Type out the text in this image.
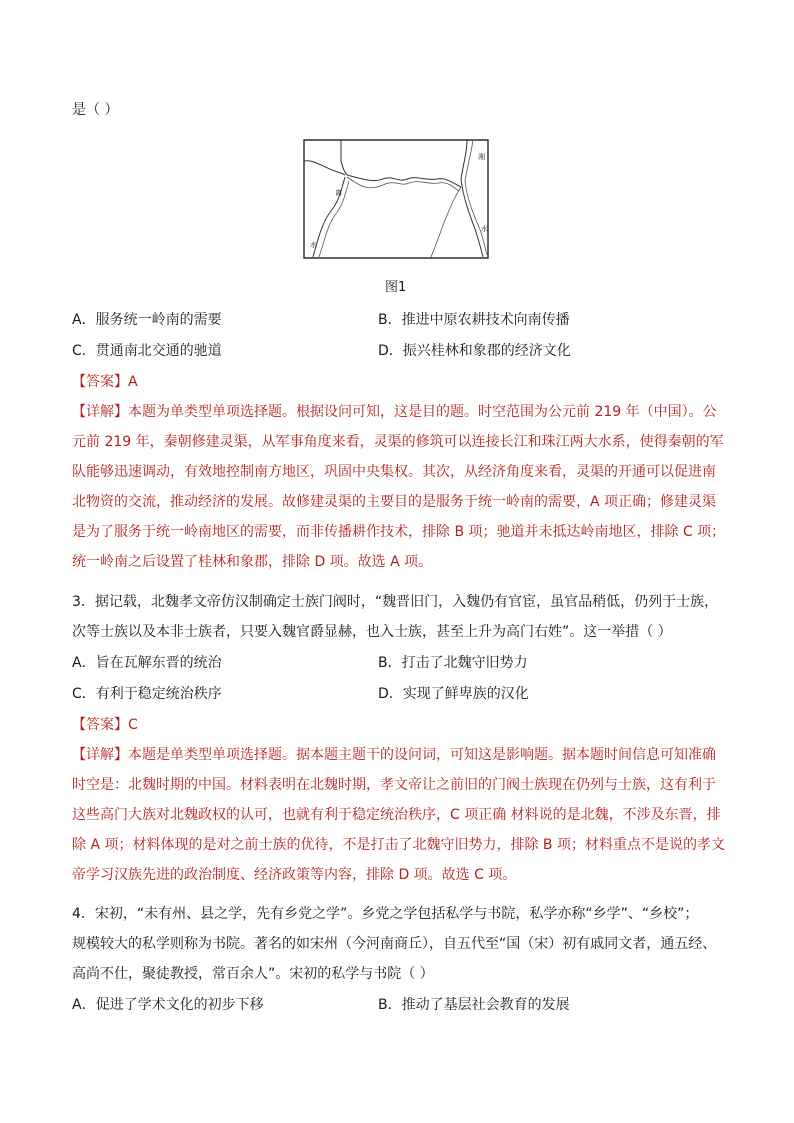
是（ ）
离
水
湘
水
图1
A．服务统一岭南的需要	B．推进中原农耕技术向南传播
C．贯通南北交通的驰道	D．振兴桂林和象郡的经济文化
【答案】A
【详解】本题为单类型单项选择题。根据设问可知，这是目的题。时空范围为公元前 219 年（中国）。公
元前 219 年，秦朝修建灵渠，从军事角度来看，灵渠的修筑可以连接长江和珠江两大水系，使得秦朝的军
队能够迅速调动，有效地控制南方地区，巩固中央集权。其次，从经济角度来看，灵渠的开通可以促进南
北物资的交流，推动经济的发展。故修建灵渠的主要目的是服务于统一岭南的需要，A 项正确；修建灵渠
是为了服务于统一岭南地区的需要，而非传播耕作技术，排除 B 项；驰道并未抵达岭南地区，排除 C 项；
统一岭南之后设置了桂林和象郡，排除 D 项。故选 A 项。
3．据记载，北魏孝文帝仿汉制确定士族门阀时，“魏晋旧门，入魏仍有官宦，虽官品稍低，仍列于士族，
次等士族以及本非士族者，只要入魏官爵显赫，也入士族，甚至上升为高门右姓”。这一举措（ ）
A．旨在瓦解东晋的统治	B．打击了北魏守旧势力
C．有利于稳定统治秩序	D．实现了鲜卑族的汉化
【答案】C
【详解】本题是单类型单项选择题。据本题主题干的设问词，可知这是影响题。据本题时间信息可知准确
时空是：北魏时期的中国。材料表明在北魏时期，孝文帝让之前旧的门阀士族现在仍列与士族，这有利于
这些高门大族对北魏政权的认可，也就有利于稳定统治秩序，C 项正确 材料说的是北魏，不涉及东晋，排
除 A 项；材料体现的是对之前士族的优待，不是打击了北魏守旧势力，排除 B 项；材料重点不是说的孝文
帝学习汉族先进的政治制度、经济政策等内容，排除 D 项。故选 C 项。
4．宋初，“未有州、县之学，先有乡党之学”。乡党之学包括私学与书院，私学亦称“乡学”、“乡校”；
规模较大的私学则称为书院。著名的如宋州（今河南商丘），自五代至“国（宋）初有戚同文者，通五经、
高尚不仕，聚徒教授，常百余人”。宋初的私学与书院（ ）
A．促进了学术文化的初步下移	B．推动了基层社会教育的发展
